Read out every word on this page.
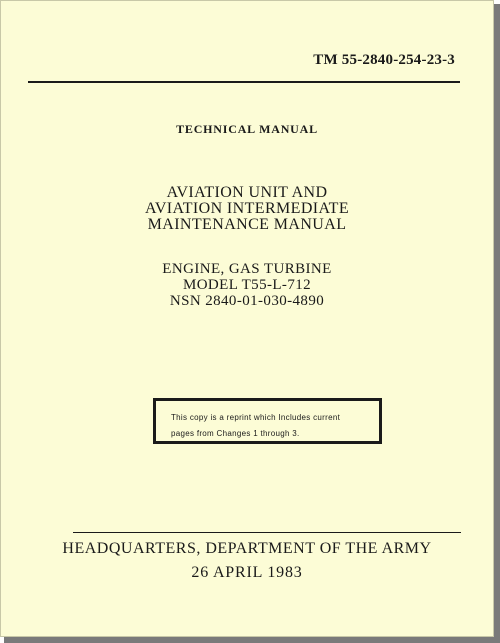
TM 55-2840-254-23-3
TECHNICAL MANUAL
AVIATION UNIT AND
AVIATION INTERMEDIATE
MAINTENANCE MANUAL
ENGINE, GAS TURBINE
MODEL T55-L-712
NSN 2840-01-030-4890
This copy is a reprint which Includes current
pages from Changes 1 through 3.
HEADQUARTERS, DEPARTMENT OF THE ARMY
26 APRIL 1983
